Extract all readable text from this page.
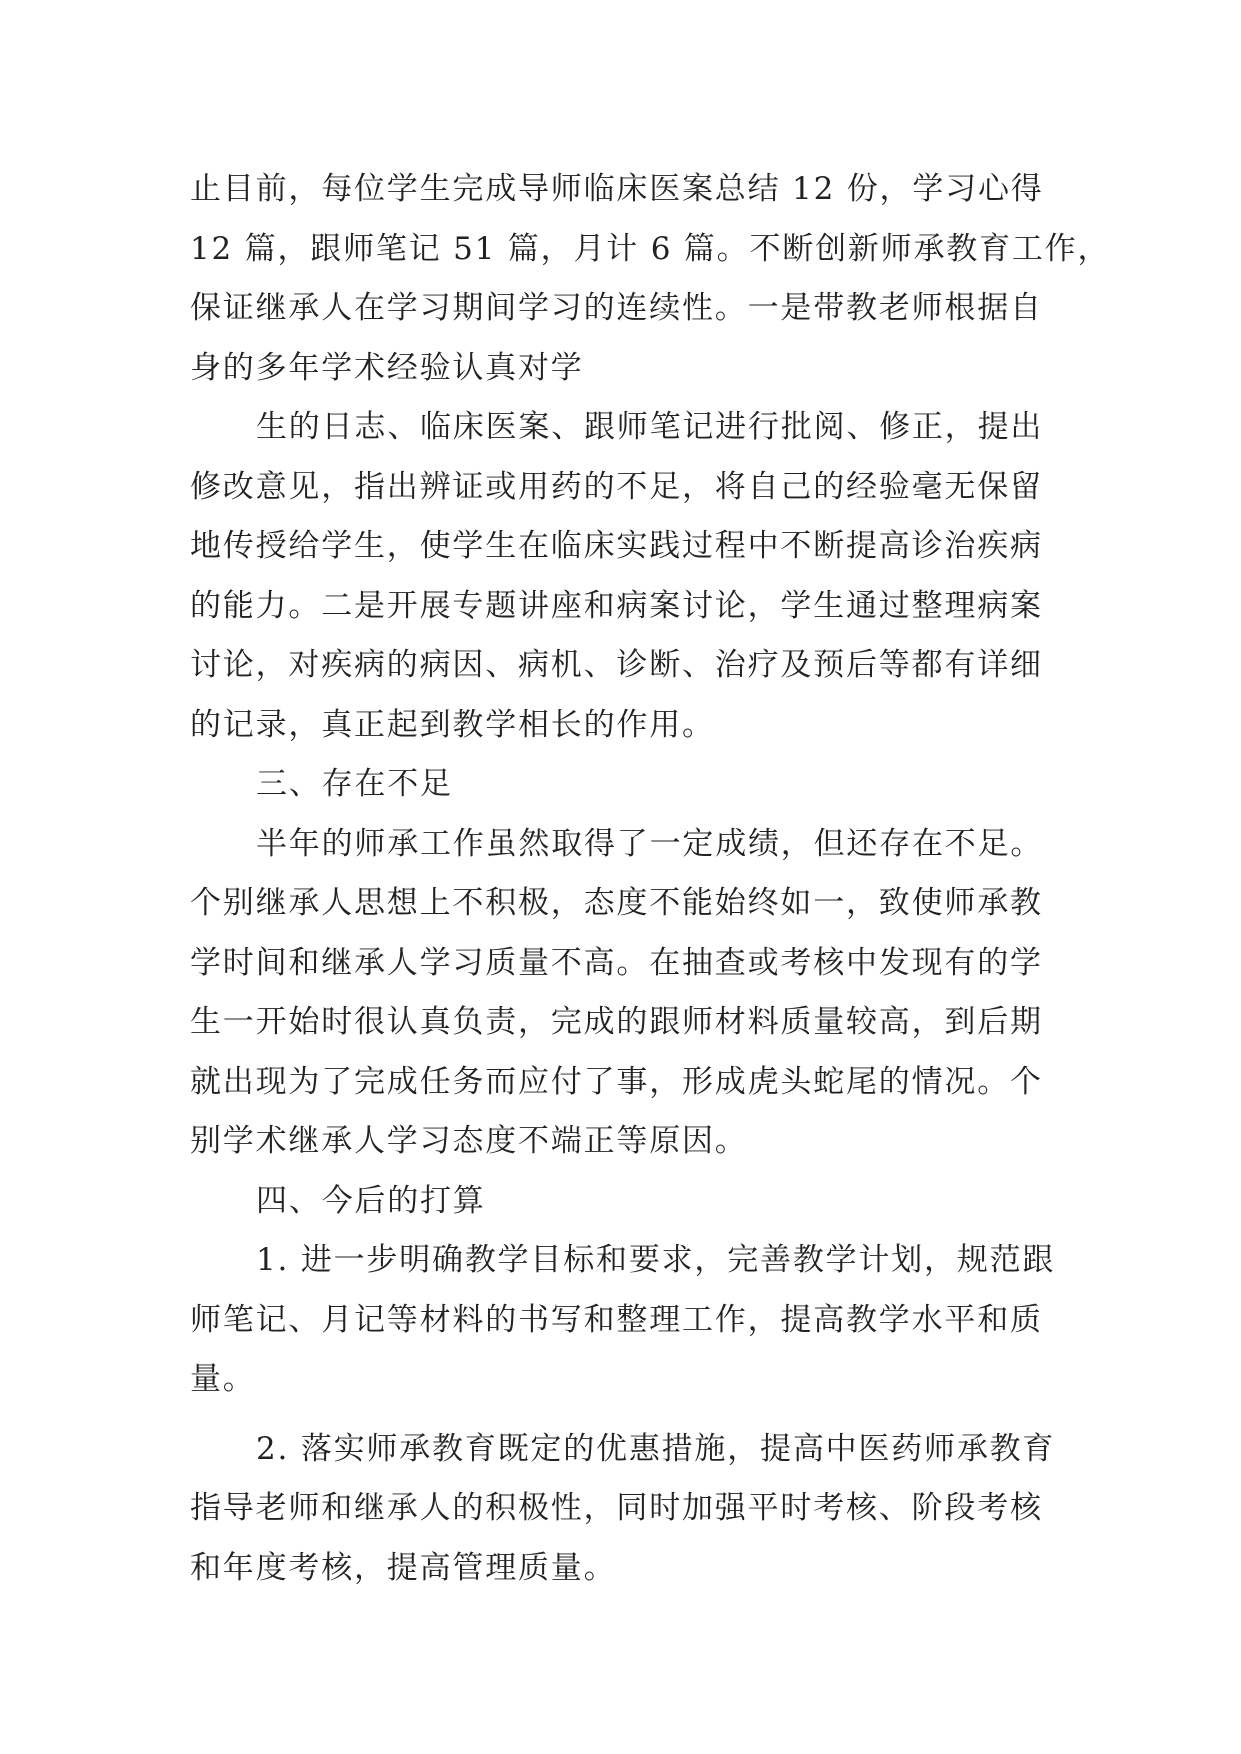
止目前，每位学生完成导师临床医案总结 12 份，学习心得
12 篇，跟师笔记 51 篇，月计 6 篇。不断创新师承教育工作，
保证继承人在学习期间学习的连续性。一是带教老师根据自
身的多年学术经验认真对学
生的日志、临床医案、跟师笔记进行批阅、修正，提出
修改意见，指出辨证或用药的不足，将自己的经验毫无保留
地传授给学生，使学生在临床实践过程中不断提高诊治疾病
的能力。二是开展专题讲座和病案讨论，学生通过整理病案
讨论，对疾病的病因、病机、诊断、治疗及预后等都有详细
的记录，真正起到教学相长的作用。
三、存在不足
半年的师承工作虽然取得了一定成绩，但还存在不足。
个别继承人思想上不积极，态度不能始终如一，致使师承教
学时间和继承人学习质量不高。在抽查或考核中发现有的学
生一开始时很认真负责，完成的跟师材料质量较高，到后期
就出现为了完成任务而应付了事，形成虎头蛇尾的情况。个
别学术继承人学习态度不端正等原因。
四、今后的打算
1. 进一步明确教学目标和要求，完善教学计划，规范跟
师笔记、月记等材料的书写和整理工作，提高教学水平和质
量。
2. 落实师承教育既定的优惠措施，提高中医药师承教育
指导老师和继承人的积极性，同时加强平时考核、阶段考核
和年度考核，提高管理质量。
